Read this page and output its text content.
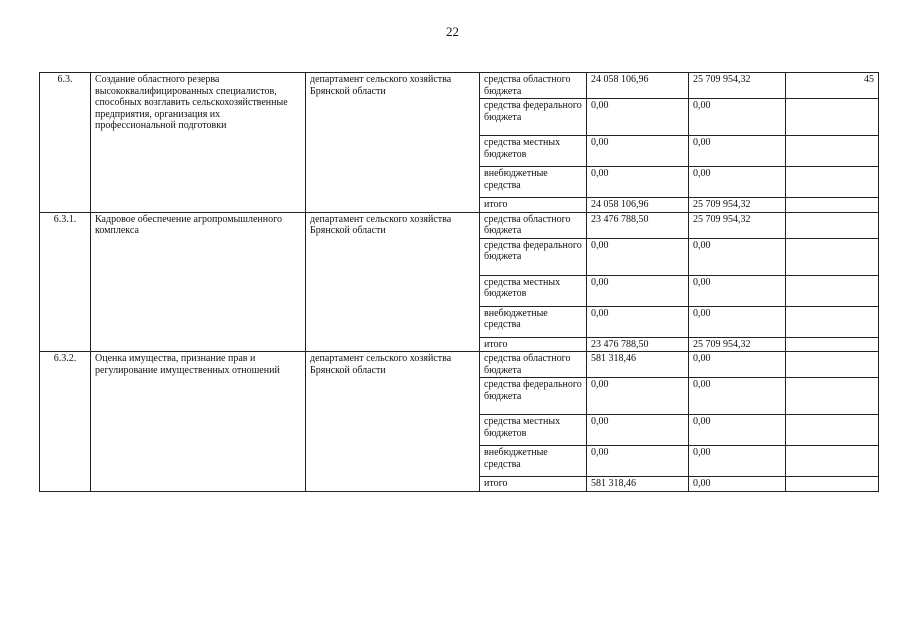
22
6.3.	Создание областного резерва высококвалифицированных специалистов, способных возглавить сельскохозяйственные предприятия, организация их профессиональной подготовки	департамент сельского хозяйства Брянской области	средства областного бюджета	24 058 106,96	25 709 954,32	45
			средства федерального бюджета	0,00	0,00	
			средства местных бюджетов	0,00	0,00	
			внебюджетные средства	0,00	0,00	
			итого	24 058 106,96	25 709 954,32	
6.3.1.	Кадровое обеспечение агропромышленного комплекса	департамент сельского хозяйства Брянской области	средства областного бюджета	23 476 788,50	25 709 954,32	
			средства федерального бюджета	0,00	0,00	
			средства местных бюджетов	0,00	0,00	
			внебюджетные средства	0,00	0,00	
			итого	23 476 788,50	25 709 954,32	
6.3.2.	Оценка имущества, признание прав и регулирование имущественных отношений	департамент сельского хозяйства Брянской области	средства областного бюджета	581 318,46	0,00	
			средства федерального бюджета	0,00	0,00	
			средства местных бюджетов	0,00	0,00	
			внебюджетные средства	0,00	0,00	
			итого	581 318,46	0,00	
